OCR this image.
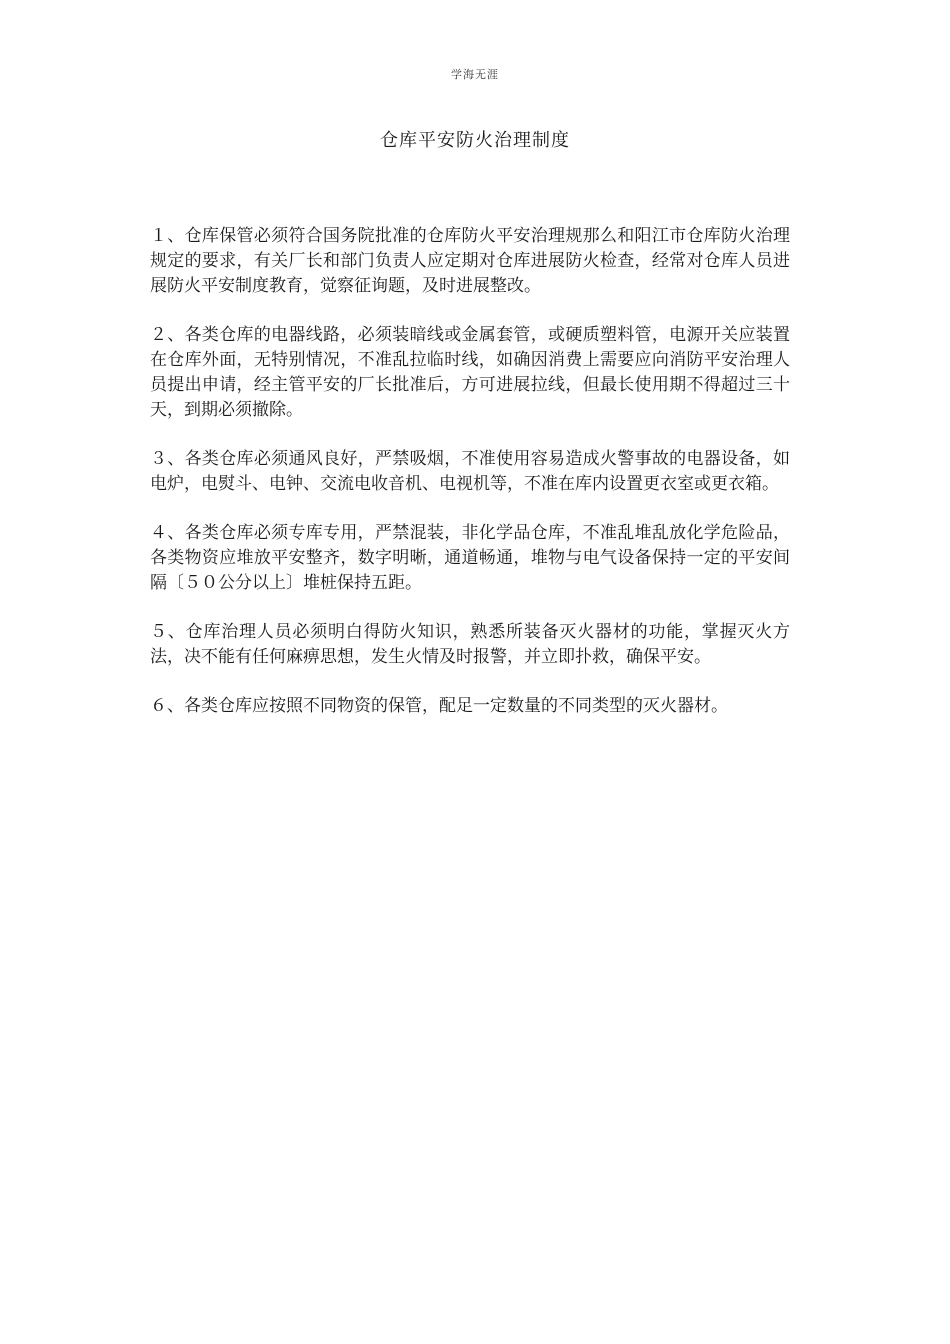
学海无涯
仓库平安防火治理制度

１、仓库保管必须符合国务院批准的仓库防火平安治理规那么和阳江市仓库防火治理规定的要求，有关厂长和部门负责人应定期对仓库进展防火检查，经常对仓库人员进展防火平安制度教育，觉察征询题，及时进展整改。

２、各类仓库的电器线路，必须装暗线或金属套管，或硬质塑料管，电源开关应装置在仓库外面，无特别情况，不准乱拉临时线，如确因消费上需要应向消防平安治理人员提出申请，经主管平安的厂长批准后，方可进展拉线，但最长使用期不得超过三十天，到期必须撤除。

３、各类仓库必须通风良好，严禁吸烟，不准使用容易造成火警事故的电器设备，如电炉，电熨斗、电钟、交流电收音机、电视机等，不准在库内设置更衣室或更衣箱。

４、各类仓库必须专库专用，严禁混装，非化学品仓库，不准乱堆乱放化学危险品，各类物资应堆放平安整齐，数字明晰，通道畅通，堆物与电气设备保持一定的平安间隔〔５０公分以上〕堆桩保持五距。

５、仓库治理人员必须明白得防火知识，熟悉所装备灭火器材的功能，掌握灭火方法，决不能有任何麻痹思想，发生火情及时报警，并立即扑救，确保平安。

６、各类仓库应按照不同物资的保管，配足一定数量的不同类型的灭火器材。
